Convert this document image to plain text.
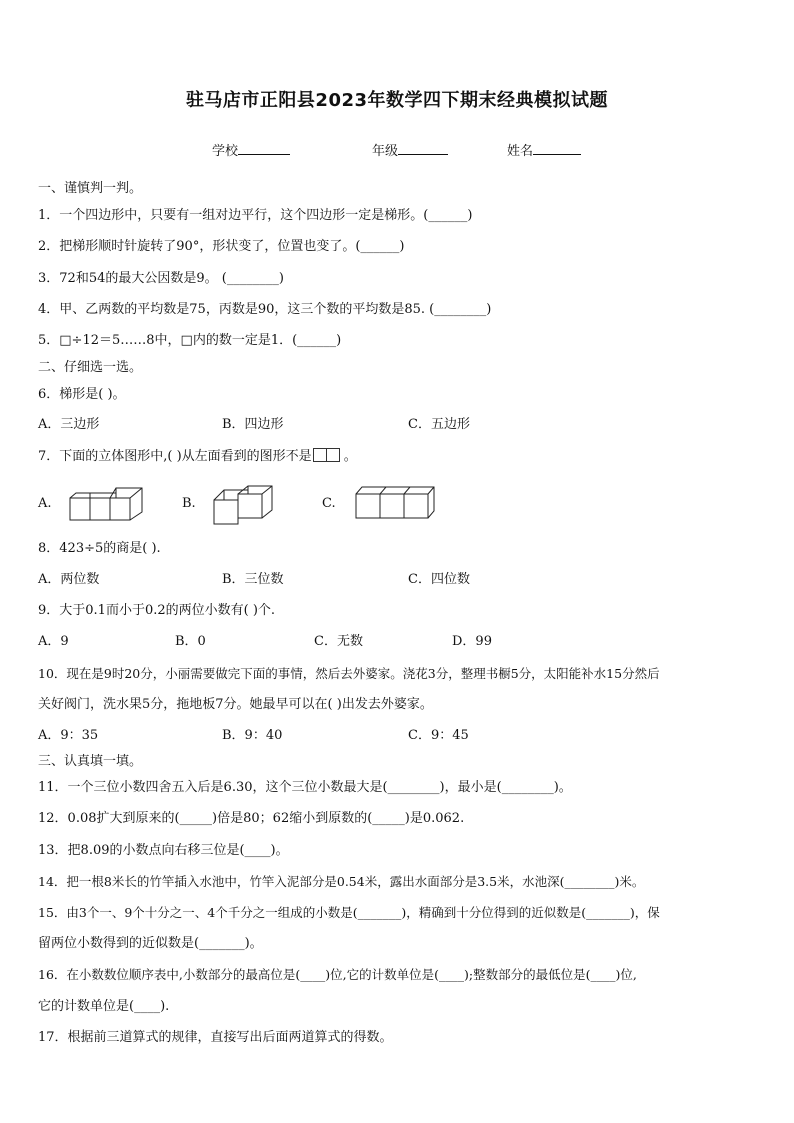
驻马店市正阳县2023年数学四下期末经典模拟试题
学校	年级	姓名
一、谨慎判一判。
1．一个四边形中，只要有一组对边平行，这个四边形一定是梯形。(______)
2．把梯形顺时针旋转了90°，形状变了，位置也变了。(______)
3．72和54的最大公因数是9。 (________)
4．甲、乙两数的平均数是75，丙数是90，这三个数的平均数是85. (________)
5．□÷12＝5……8中，□内的数一定是1．(______)
二、仔细选一选。
6．梯形是( )。
A．三边形	B．四边形	C．五边形
7．下面的立体图形中,( )从左面看到的图形不是 。
A.	B.	C.
8．423÷5的商是( ).
A．两位数	B．三位数	C．四位数
9．大于0.1而小于0.2的两位小数有( )个.
A．9	B．0	C．无数	D．99
10．现在是9时20分，小丽需要做完下面的事情，然后去外婆家。浇花3分，整理书橱5分，太阳能补水15分然后
关好阀门，洗水果5分，拖地板7分。她最早可以在( )出发去外婆家。
A．9：35	B．9：40	C．9：45
三、认真填一填。
11．一个三位小数四舍五入后是6.30，这个三位小数最大是(________)，最小是(________)。
12．0.08扩大到原来的(_____)倍是80；62缩小到原数的(_____)是0.062.
13．把8.09的小数点向右移三位是(____)。
14．把一根8米长的竹竿插入水池中，竹竿入泥部分是0.54米，露出水面部分是3.5米，水池深(________)米。
15．由3个一、9个十分之一、4个千分之一组成的小数是(_______)，精确到十分位得到的近似数是(_______)，保
留两位小数得到的近似数是(_______)。
16．在小数数位顺序表中,小数部分的最高位是(____)位,它的计数单位是(____);整数部分的最低位是(____)位,
它的计数单位是(____).
17．根据前三道算式的规律，直接写出后面两道算式的得数。
